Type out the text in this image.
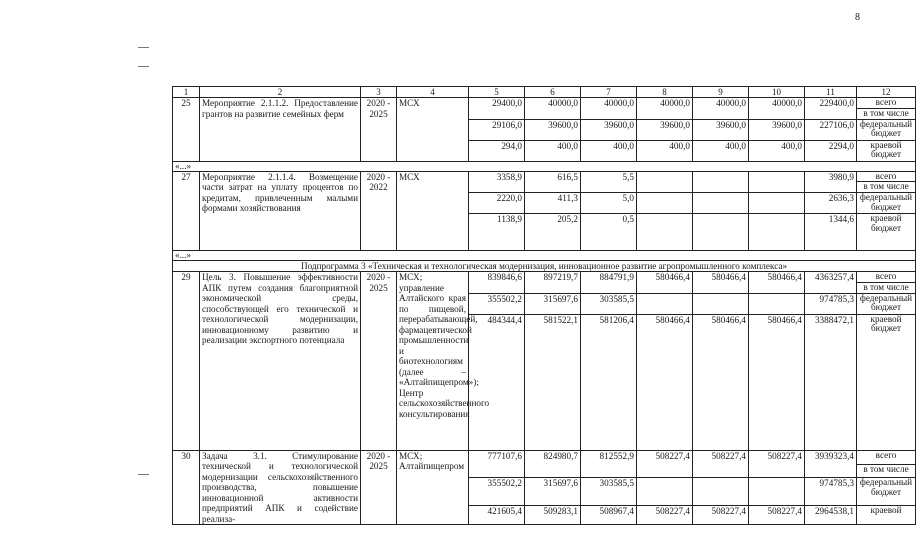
8
1	2	3	4	5	6	7	8	9	10	11	12
25	Мероприятие 2.1.1.2. Предоставление грантов на развитие семейных ферм	2020 - 2025	МСХ	29400,0	40000,0	40000,0	40000,0	40000,0	40000,0	229400,0	всего
											в том числе
				29106,0	39600,0	39600,0	39600,0	39600,0	39600,0	227106,0	федеральный бюджет
				294,0	400,0	400,0	400,0	400,0	400,0	2294,0	краевой бюджет
«...»											
27	Мероприятие 2.1.1.4. Возмещение части затрат на уплату процентов по кредитам, привлеченным малыми формами хозяйствования	2020 - 2022	МСХ	3358,9	616,5	5,5				3980,9	всего
											в том числе
				2220,0	411,3	5,0				2636,3	федеральный бюджет
				1138,9	205,2	0,5				1344,6	краевой бюджет
«...»											
Подпрограмма 3 «Техническая и технологическая модернизация, инновационное развитие агропромышленного комплекса»											
29	Цель 3. Повышение эффективности АПК путем создания благоприятной экономической среды, способствующей его технической и технологической модернизации, инновационному развитию и реализации экспортного потенциала	2020 - 2025	МСХ; управление Алтайского края по пищевой, перерабатывающей, фармацевтической промышленности и биотехнологиям (далее – «Алтайпищепром»); Центр сельскохозяйственного консультирования	839846,6	897219,7	884791,9	580466,4	580466,4	580466,4	4363257,4	всего
											в том числе
				355502,2	315697,6	303585,5				974785,3	федеральный бюджет
				484344,4	581522,1	581206,4	580466,4	580466,4	580466,4	3388472,1	краевой бюджет
30	Задача 3.1. Стимулирование технической и технологической модернизации сельскохозяйственного производства, повышение инновационной активности предприятий АПК и содействие реализа-	2020 - 2025	МСХ; Алтайпищепром	777107,6	824980,7	812552,9	508227,4	508227,4	508227,4	3939323,4	всего
											в том числе
				355502,2	315697,6	303585,5				974785,3	федеральный бюджет
				421605,4	509283,1	508967,4	508227,4	508227,4	508227,4	2964538,1	краевой
